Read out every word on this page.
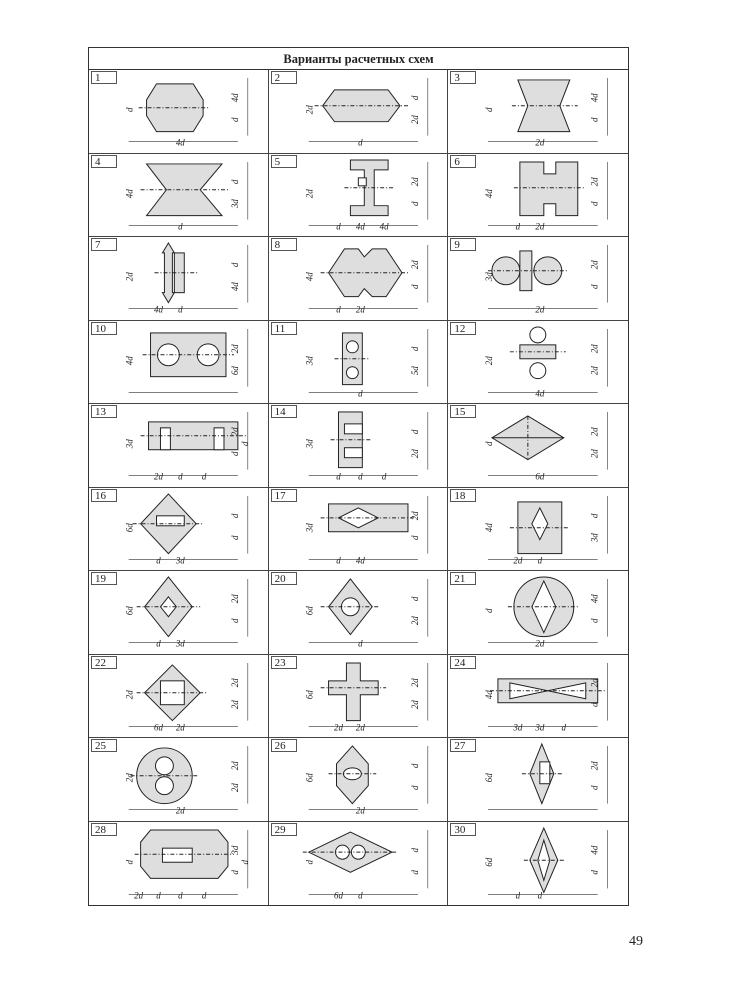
Варианты расчетных схем
d
4d
d
4d
1
2d
d
2d
d
2
d
4d
d
2d
3
4d
d
3d
d
4
2d
2d
d
4d
d	4d
5
4d
2d
d
2d
d
6
2d
d
4d
d
4d
7
4d
2d
d
2d
d
8
3d
2d
d
2d
9
4d
2d
6d
10
3d
d
5d
d
11
2d
2d
2d
4d
12
3d
2d
d
d
2d	d
d
13
3d
d
2d
d
d	d
14
d
2d
2d
6d
15
6d
d
d
3d
d
16
3d
2d
d
4d
d
17
4d
d
3d
d
2d
18
6d
2d
d
3d
d
19
6d
d
2d
d
20
d
4d
d
2d
21
2d
2d
2d
2d
6d
22
6d
2d
2d
2d
2d
23
4d
2d
d
3d
3d	d
24
2d
2d
2d
2d
25
6d
d
d
2d
26
6d
2d
d
27
d
3d
d
d
d	d
d
2d
28
d
d
d
d
6d
29
6d
4d
d
d
d
30
49
